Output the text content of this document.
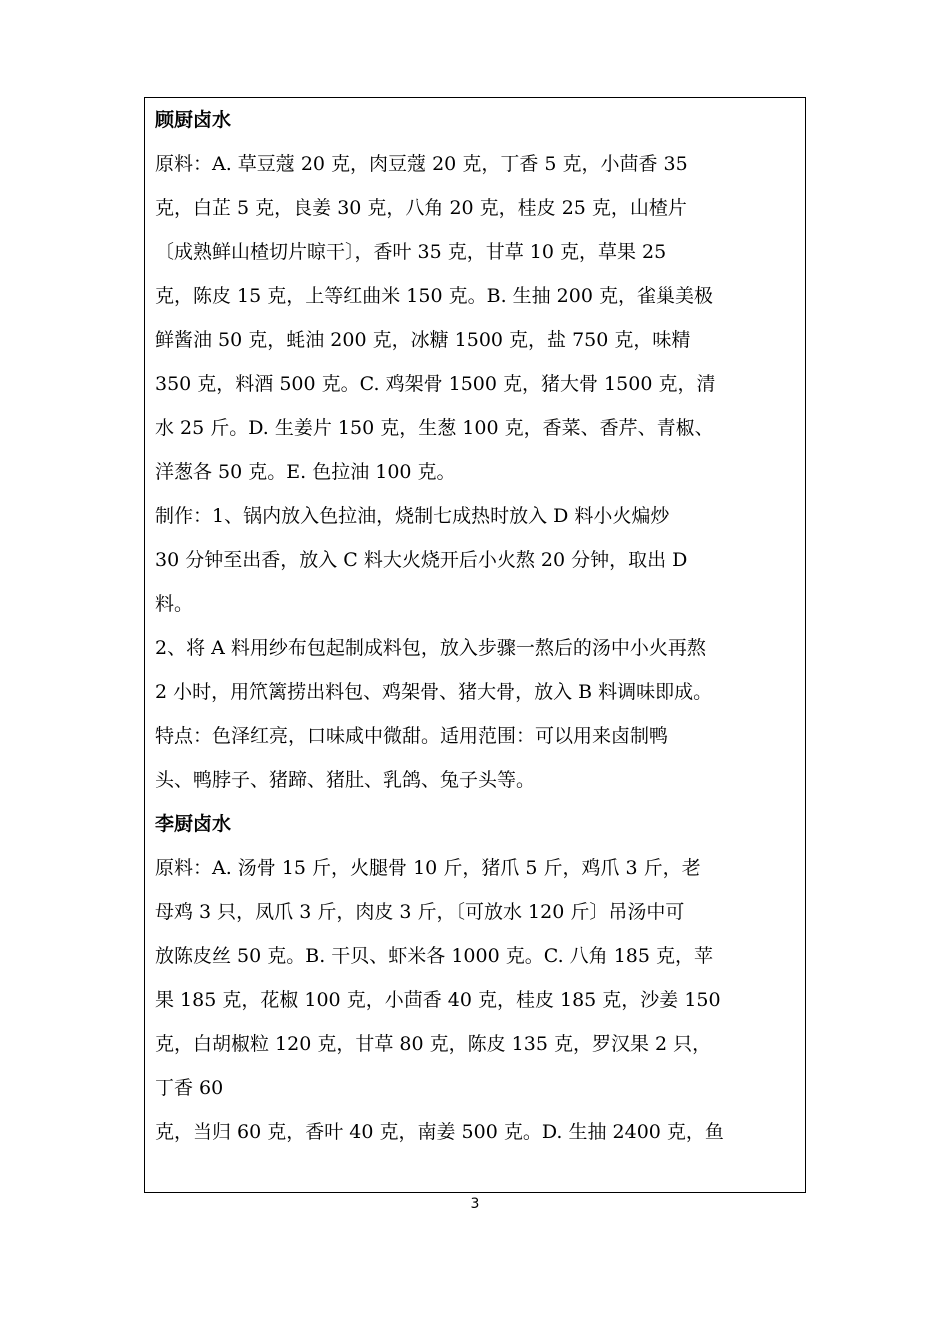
顾厨卤水
原料：A. 草豆蔻 20 克，肉豆蔻 20 克，丁香 5 克，小茴香 35
克，白芷 5 克，良姜 30 克，八角 20 克，桂皮 25 克，山楂片
〔成熟鲜山楂切片晾干〕，香叶 35 克，甘草 10 克，草果 25
克，陈皮 15 克，上等红曲米 150 克。B. 生抽 200 克，雀巢美极
鲜酱油 50 克，蚝油 200 克，冰糖 1500 克，盐 750 克，味精
350 克，料酒 500 克。C. 鸡架骨 1500 克，猪大骨 1500 克，清
水 25 斤。D. 生姜片 150 克，生葱 100 克，香菜、香芹、青椒、
洋葱各 50 克。E. 色拉油 100 克。
制作：1、锅内放入色拉油，烧制七成热时放入 D 料小火煸炒
30 分钟至出香，放入 C 料大火烧开后小火熬 20 分钟，取出 D
料。
2、将 A 料用纱布包起制成料包，放入步骤一熬后的汤中小火再熬
2 小时，用笊篱捞出料包、鸡架骨、猪大骨，放入 B 料调味即成。
特点：色泽红亮，口味咸中微甜。适用范围：可以用来卤制鸭
头、鸭脖子、猪蹄、猪肚、乳鸽、兔子头等。
李厨卤水
原料：A. 汤骨 15 斤，火腿骨 10 斤，猪爪 5 斤，鸡爪 3 斤，老
母鸡 3 只，凤爪 3 斤，肉皮 3 斤，〔可放水 120 斤〕吊汤中可
放陈皮丝 50 克。B. 干贝、虾米各 1000 克。C. 八角 185 克，苹
果 185 克，花椒 100 克，小茴香 40 克，桂皮 185 克，沙姜 150
克，白胡椒粒 120 克，甘草 80 克，陈皮 135 克，罗汉果 2 只，
丁香 60
克，当归 60 克，香叶 40 克，南姜 500 克。D. 生抽 2400 克，鱼
3
